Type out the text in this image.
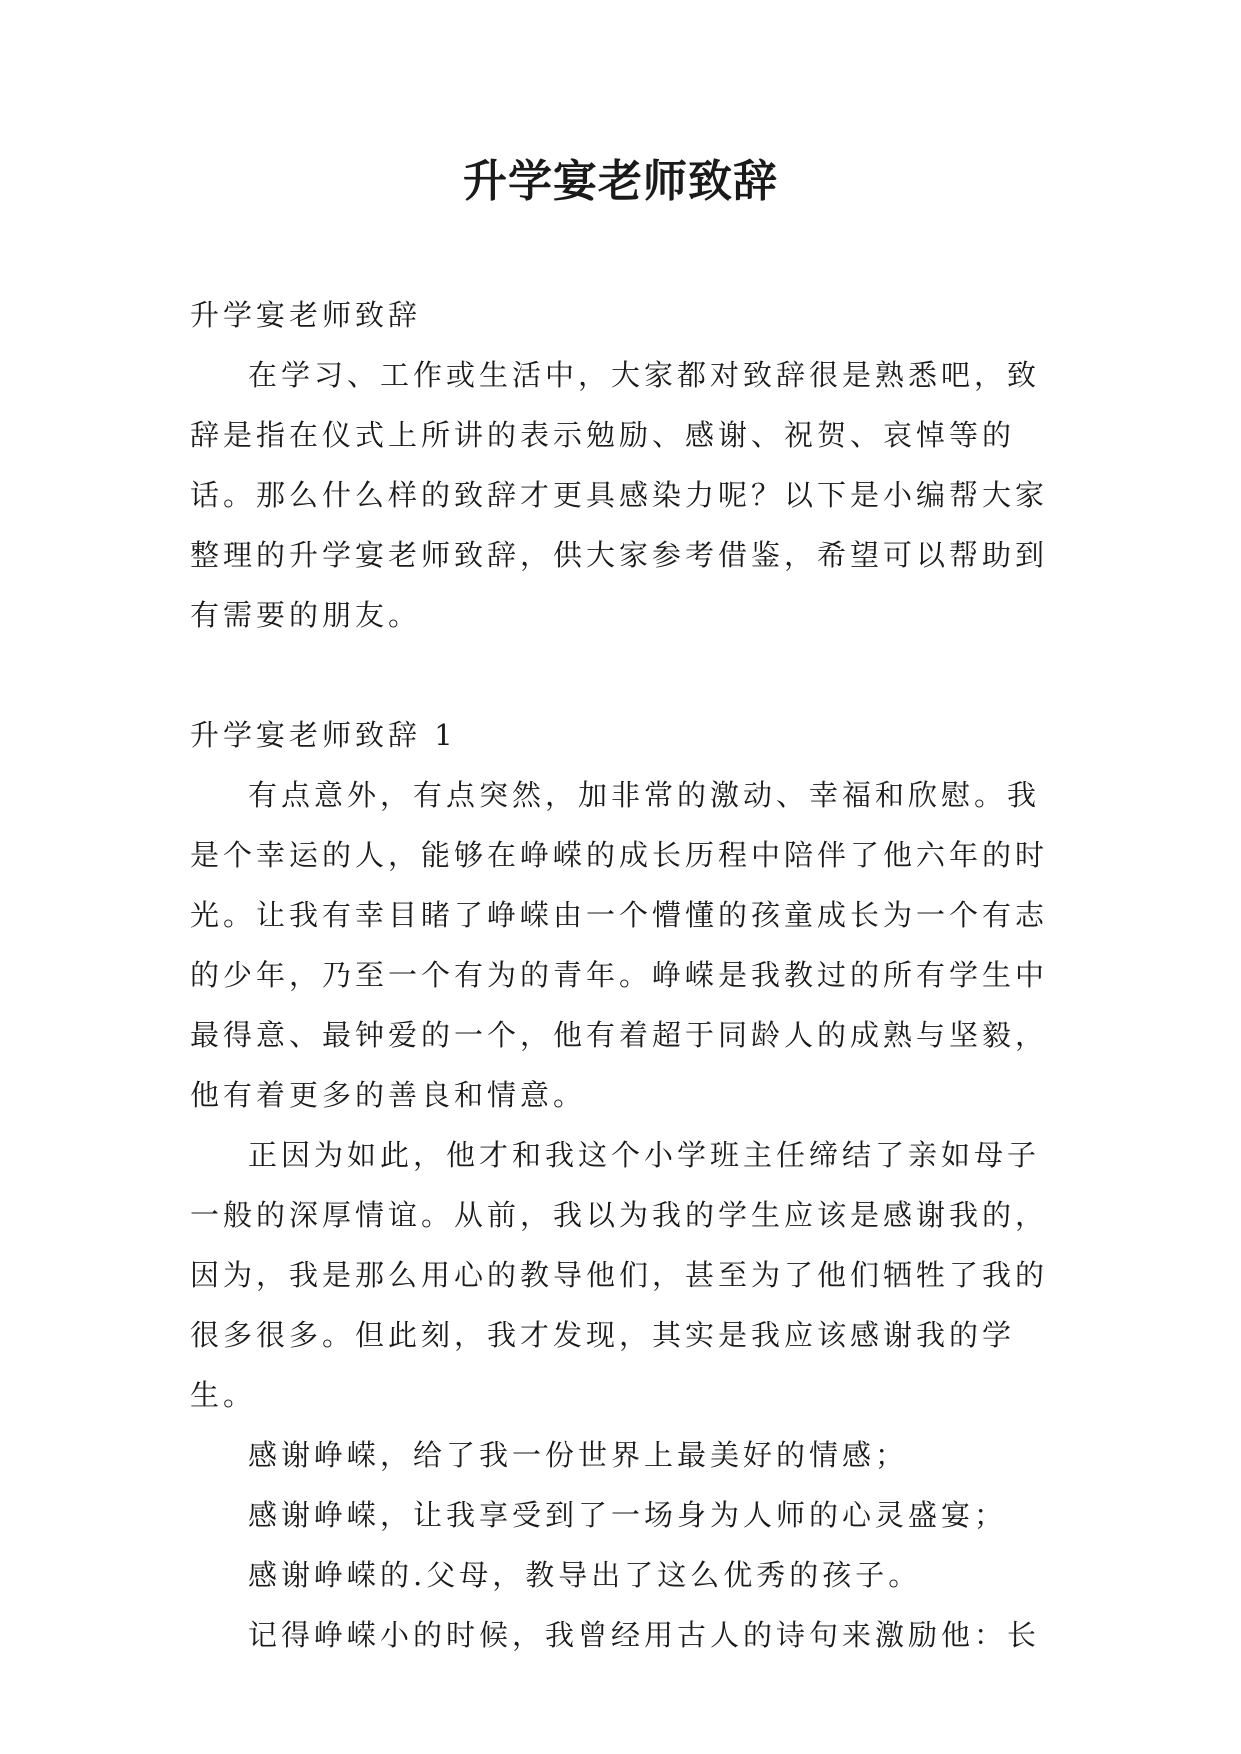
升学宴老师致辞

升学宴老师致辞

在学习、工作或生活中，大家都对致辞很是熟悉吧，致辞是指在仪式上所讲的表示勉励、感谢、祝贺、哀悼等的话。那么什么样的致辞才更具感染力呢？以下是小编帮大家整理的升学宴老师致辞，供大家参考借鉴，希望可以帮助到有需要的朋友。

升学宴老师致辞 1

有点意外，有点突然，加非常的激动、幸福和欣慰。我是个幸运的人，能够在峥嵘的成长历程中陪伴了他六年的时光。让我有幸目睹了峥嵘由一个懵懂的孩童成长为一个有志的少年，乃至一个有为的青年。峥嵘是我教过的所有学生中最得意、最钟爱的一个，他有着超于同龄人的成熟与坚毅，他有着更多的善良和情意。

正因为如此，他才和我这个小学班主任缔结了亲如母子一般的深厚情谊。从前，我以为我的学生应该是感谢我的，因为，我是那么用心的教导他们，甚至为了他们牺牲了我的很多很多。但此刻，我才发现，其实是我应该感谢我的学生。

感谢峥嵘，给了我一份世界上最美好的情感；

感谢峥嵘，让我享受到了一场身为人师的心灵盛宴；

感谢峥嵘的.父母，教导出了这么优秀的孩子。

记得峥嵘小的时候，我曾经用古人的诗句来激励他：长
